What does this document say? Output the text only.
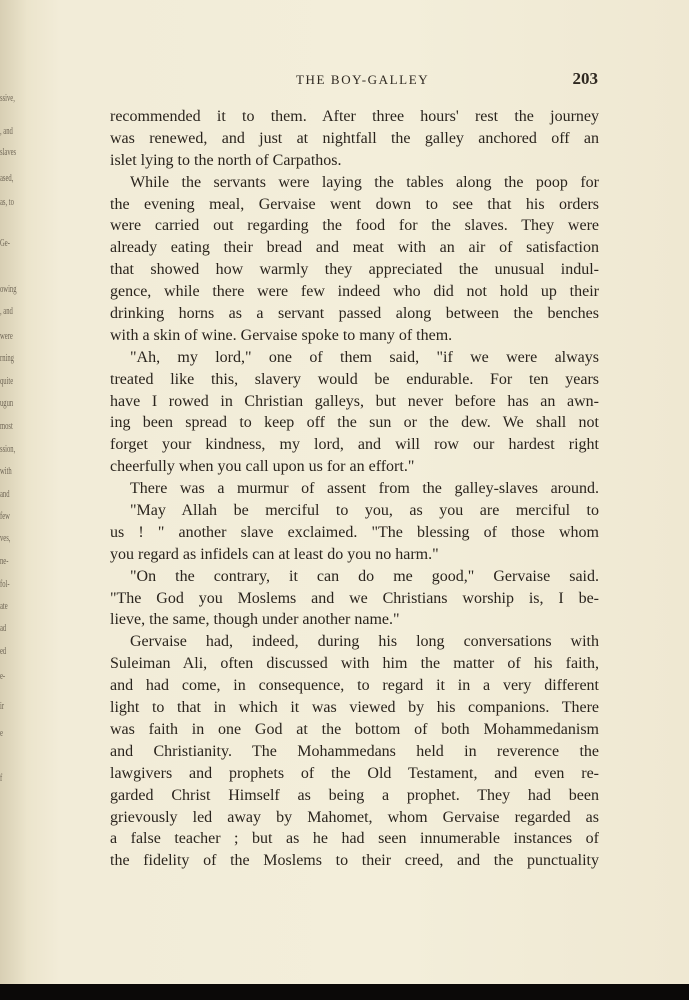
ssive,
, and
slaves
ased,
as, to
Ge-
owing
, and
were
rning
quite
ugun
most
ssion,
with
and
few
ves,
ne-
fol-
ate
ad
ed
e-
ir
e
f
THE BOY-GALLEY	203
recommended it to them. After three hours' rest the journey
was renewed, and just at nightfall the galley anchored off an
islet lying to the north of Carpathos.
While the servants were laying the tables along the poop for
the evening meal, Gervaise went down to see that his orders
were carried out regarding the food for the slaves. They were
already eating their bread and meat with an air of satisfaction
that showed how warmly they appreciated the unusual indul-
gence, while there were few indeed who did not hold up their
drinking horns as a servant passed along between the benches
with a skin of wine. Gervaise spoke to many of them.
"Ah, my lord," one of them said, "if we were always
treated like this, slavery would be endurable. For ten years
have I rowed in Christian galleys, but never before has an awn-
ing been spread to keep off the sun or the dew. We shall not
forget your kindness, my lord, and will row our hardest right
cheerfully when you call upon us for an effort."
There was a murmur of assent from the galley-slaves around.
"May Allah be merciful to you, as you are merciful to
us ! " another slave exclaimed. "The blessing of those whom
you regard as infidels can at least do you no harm."
"On the contrary, it can do me good," Gervaise said.
"The God you Moslems and we Christians worship is, I be-
lieve, the same, though under another name."
Gervaise had, indeed, during his long conversations with
Suleiman Ali, often discussed with him the matter of his faith,
and had come, in consequence, to regard it in a very different
light to that in which it was viewed by his companions. There
was faith in one God at the bottom of both Mohammedanism
and Christianity. The Mohammedans held in reverence the
lawgivers and prophets of the Old Testament, and even re-
garded Christ Himself as being a prophet. They had been
grievously led away by Mahomet, whom Gervaise regarded as
a false teacher ; but as he had seen innumerable instances of
the fidelity of the Moslems to their creed, and the punctuality
